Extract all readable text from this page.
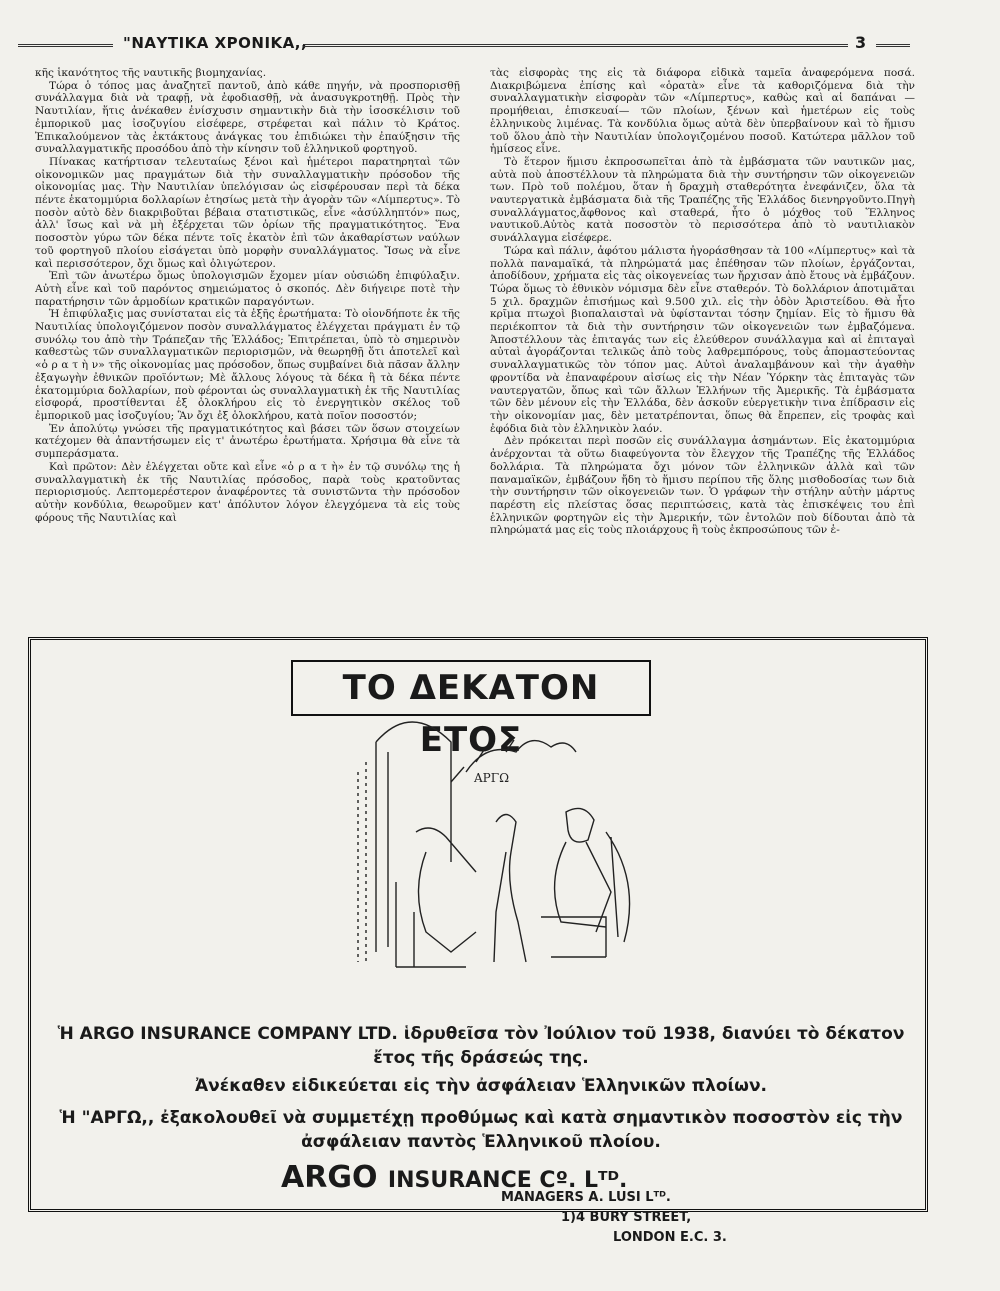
"ΝΑΥΤΙΚΑ ΧΡΟΝΙΚΑ,,	3

κῆς ἱκανότητος τῆς ναυτικῆς βιομηχανίας.

Τώρα ὁ τόπος μας ἀναζητεῖ παντοῦ, ἀπὸ κάθε πηγήν, νὰ προσπορισθῇ συνάλλαγμα διὰ νὰ τραφῇ, νὰ ἐφοδιασθῇ, νὰ ἀνασυγκροτηθῇ. Πρὸς τὴν Ναυτιλίαν, ἥτις ἀνέκαθεν ἐνίσχυσιν σημαντικὴν διὰ τὴν ἰσοσκέλισιν τοῦ ἐμπορικοῦ μας ἰσοζυγίου εἰσέφερε, στρέφεται καὶ πάλιν τὸ Κράτος. Ἐπικαλούμενον τὰς ἐκτάκτους ἀνάγκας του ἐπιδιώκει τὴν ἐπαύξησιν τῆς συναλλαγματικῆς προσόδου ἀπὸ τὴν κίνησιν τοῦ ἑλληνικοῦ φορτηγοῦ.

Πίνακας κατήρτισαν τελευταίως ξένοι καὶ ἡμέτεροι παρατηρηταὶ τῶν οἰκονομικῶν μας πραγμάτων διὰ τὴν συναλλαγματικὴν πρόσοδον τῆς οἰκονομίας μας. Τὴν Ναυτιλίαν ὑπελόγισαν ὡς εἰσφέρουσαν περὶ τὰ δέκα πέντε ἑκατομμύρια δολλαρίων ἐτησίως μετὰ τὴν ἀγορὰν τῶν «Λίμπερτυς». Τὸ ποσὸν αὐτὸ δὲν διακριβοῦται βέβαια στατιστικῶς, εἶνε «ἀσύλληπτόν» πως, ἀλλ' ἴσως καὶ νὰ μὴ ἐξέρχεται τῶν ὁρίων τῆς πραγματικότητος. Ἕνα ποσοστὸν γύρω τῶν δέκα πέντε τοῖς ἑκατὸν ἐπὶ τῶν ἀκαθαρίστων ναύλων τοῦ φορτηγοῦ πλοίου εἰσάγεται ὑπὸ μορφὴν συναλλάγματος. Ἴσως νὰ εἶνε καὶ περισσότερον, ὄχι ὅμως καὶ ὀλιγώτερον.

Ἐπὶ τῶν ἀνωτέρω ὅμως ὑπολογισμῶν ἔχομεν μίαν οὐσιώδη ἐπιφύλαξιν. Αὐτὴ εἶνε καὶ τοῦ παρόντος σημειώματος ὁ σκοπός. Δὲν διήγειρε ποτὲ τὴν παρατήρησιν τῶν ἁρμοδίων κρατικῶν παραγόντων.

Ἡ ἐπιφύλαξις μας συνίσταται εἰς τὰ ἑξῆς ἐρωτήματα: Τὸ οἱονδήποτε ἐκ τῆς Ναυτιλίας ὑπολογιζόμενον ποσὸν συναλλάγματος ἐλέγχεται πράγματι ἐν τῷ συνόλῳ του ἀπὸ τὴν Τράπεζαν τῆς Ἑλλάδος; Ἐπιτρέπεται, ὑπὸ τὸ σημερινὸν καθεστὼς τῶν συναλλαγματικῶν περιορισμῶν, νὰ θεωρηθῇ ὅτι ἀποτελεῖ καὶ «ὁ ρ α τ ὴ ν» τῆς οἰκονομίας μας πρόσοδον, ὅπως συμβαίνει διὰ πᾶσαν ἄλλην ἐξαγωγὴν ἐθνικῶν προϊόντων; Μὲ ἄλλους λόγους τὰ δέκα ἢ τὰ δέκα πέντε ἑκατομμύρια δολλαρίων, ποὺ φέρονται ὡς συναλλαγματικὴ ἐκ τῆς Ναυτιλίας εἰσφορά, προστίθενται ἐξ ὁλοκλήρου εἰς τὸ ἐνεργητικὸν σκέλος τοῦ ἐμπορικοῦ μας ἰσοζυγίου; Ἂν ὄχι ἐξ ὁλοκλήρου, κατὰ ποῖον ποσοστόν;

Ἐν ἀπολύτῳ γνώσει τῆς πραγματικότητος καὶ βάσει τῶν ὅσων στοιχείων κατέχομεν θὰ ἀπαντήσωμεν εἰς τ' ἀνωτέρω ἐρωτήματα. Χρήσιμα θὰ εἶνε τὰ συμπεράσματα.

Καὶ πρῶτον: Δὲν ἐλέγχεται οὔτε καὶ εἶνε «ὁ ρ α τ ὴ» ἐν τῷ συνόλῳ της ἡ συναλλαγματικὴ ἐκ τῆς Ναυτιλίας πρόσοδος, παρὰ τοὺς κρατοῦντας περιορισμούς. Λεπτομερέστερον ἀναφέροντες τὰ συνιστῶντα τὴν πρόσοδον αὐτὴν κονδύλια, θεωροῦμεν κατ' ἀπόλυτον λόγον ἐλεγχόμενα τὰ εἰς τοὺς φόρους τῆς Ναυτιλίας καὶ

τὰς εἰσφορὰς της εἰς τὰ διάφορα εἰδικὰ ταμεῖα ἀναφερόμενα ποσά. Διακριβώμενα ἐπίσης καὶ «ὁρατὰ» εἶνε τὰ καθοριζόμενα διὰ τὴν συναλλαγματικὴν εἰσφορὰν τῶν «Λίμπερτυς», καθὼς καὶ αἱ δαπάναι —προμήθειαι, ἐπισκευαί— τῶν πλοίων, ξένων καὶ ἡμετέρων εἰς τοὺς ἑλληνικοὺς λιμένας. Τὰ κονδύλια ὅμως αὐτὰ δὲν ὑπερβαίνουν καὶ τὸ ἥμισυ τοῦ ὅλου ἀπὸ τὴν Ναυτιλίαν ὑπολογιζομένου ποσοῦ. Κατώτερα μᾶλλον τοῦ ἡμίσεος εἶνε.

Τὸ ἕτερον ἥμισυ ἐκπροσωπεῖται ἀπὸ τὰ ἐμβάσματα τῶν ναυτικῶν μας, αὐτὰ ποὺ ἀποστέλλουν τὰ πληρώματα διὰ τὴν συντήρησιν τῶν οἰκογενειῶν των. Πρὸ τοῦ πολέμου, ὅταν ἡ δραχμὴ σταθερότητα ἐνεφάνιζεν, ὅλα τὰ ναυτεργατικὰ ἐμβάσματα διὰ τῆς Τραπέζης τῆς Ἑλλάδος διενηργοῦντο.Πηγὴ συναλλάγματος,ἄφθονος καὶ σταθερά, ἦτο ὁ μόχθος τοῦ Ἕλληνος ναυτικοῦ.Αὐτὸς κατὰ ποσοστὸν τὸ περισσότερα ἀπὸ τὸ ναυτιλιακὸν συνάλλαγμα εἰσέφερε.

Τώρα καὶ πάλιν, ἀφότου μάλιστα ἠγοράσθησαν τὰ 100 «Λίμπερτυς» καὶ τὰ πολλὰ παναμαϊκά, τὰ πληρώματά μας ἐπέθησαν τῶν πλοίων, ἐργάζονται, ἀποδίδουν, χρήματα εἰς τὰς οἰκογενείας των ἤρχισαν ἀπὸ ἔτους νὰ ἐμβάζουν. Τώρα ὅμως τὸ ἐθνικὸν νόμισμα δὲν εἶνε σταθερόν. Τὸ δολλάριον ἀποτιμᾶται 5 χιλ. δραχμῶν ἐπισήμως καὶ 9.500 χιλ. εἰς τὴν ὁδὸν Ἀριστείδου. Θὰ ἦτο κρῖμα πτωχοὶ βιοπαλαισταὶ νὰ ὑφίστανται τόσην ζημίαν. Εἰς τὸ ἥμισυ θὰ περιέκοπτον τὰ διὰ τὴν συντήρησιν τῶν οἰκογενειῶν των ἐμβαζόμενα. Ἀποστέλλουν τὰς ἐπιταγάς των εἰς ἐλεύθερον συνάλλαγμα καὶ αἱ ἐπιταγαὶ αὐταὶ ἀγοράζονται τελικῶς ἀπὸ τοὺς λαθρεμπόρους, τοὺς ἀπομαστεύοντας συναλλαγματικῶς τὸν τόπον μας. Αὐτοὶ ἀναλαμβάνουν καὶ τὴν ἀγαθὴν φροντίδα νὰ ἐπαναφέρουν αἰσίως εἰς τὴν Νέαν Ὑόρκην τὰς ἐπιταγὰς τῶν ναυτεργατῶν, ὅπως καὶ τῶν ἄλλων Ἑλλήνων τῆς Ἀμερικῆς. Τὰ ἐμβάσματα τῶν δὲν μένουν εἰς τὴν Ἑλλάδα, δὲν ἀσκοῦν εὐεργετικὴν τινα ἐπίδρασιν εἰς τὴν οἰκονομίαν μας, δὲν μετατρέπονται, ὅπως θὰ ἔπρεπεν, εἰς τροφὰς καὶ ἐφόδια διὰ τὸν ἑλληνικὸν λαόν.

Δὲν πρόκειται περὶ ποσῶν εἰς συνάλλαγμα ἀσημάντων. Εἰς ἑκατομμύρια ἀνέρχονται τὰ οὕτω διαφεύγοντα τὸν ἔλεγχον τῆς Τραπέζης τῆς Ἑλλάδος δολλάρια. Τὰ πληρώματα ὄχι μόνον τῶν ἑλληνικῶν ἀλλὰ καὶ τῶν παναμαϊκῶν, ἐμβάζουν ἤδη τὸ ἥμισυ περίπου τῆς ὅλης μισθοδοσίας των διὰ τὴν συντήρησιν τῶν οἰκογενειῶν των. Ὁ γράφων τὴν στήλην αὐτὴν μάρτυς παρέστη εἰς πλείστας ὅσας περιπτώσεις, κατὰ τὰς ἐπισκέψεις του ἐπὶ ἑλληνικῶν φορτηγῶν εἰς τὴν Ἀμερικήν, τῶν ἐντολῶν ποὺ δίδουται ἀπὸ τὰ πληρώματά μας εἰς τοὺς πλοιάρχους ἢ τοὺς ἐκπροσώπους τῶν ἑ-

ΤΟ ΔΕΚΑΤΟΝ ΕΤΟΣ
ΑΡΓΩ
Ἡ ARGO INSURANCE COMPANY LTD. ἱδρυθεῖσα τὸν Ἰούλιον τοῦ 1938, διανύει τὸ δέκατον ἔτος τῆς δράσεώς της.
Ἀνέκαθεν εἰδικεύεται εἰς τὴν ἀσφάλειαν Ἑλληνικῶν πλοίων.
Ἡ "ΑΡΓΩ,, ἐξακολουθεῖ νὰ συμμετέχῃ προθύμως καὶ κατὰ σημαντικὸν ποσοστὸν εἰς τὴν ἀσφάλειαν παντὸς Ἑλληνικοῦ πλοίου.
ARGO INSURANCE Cº. Lᵀᴰ.
MANAGERS A. LUSI Lᵀᴰ.
1)4 BURY STREET,
LONDON E.C. 3.
